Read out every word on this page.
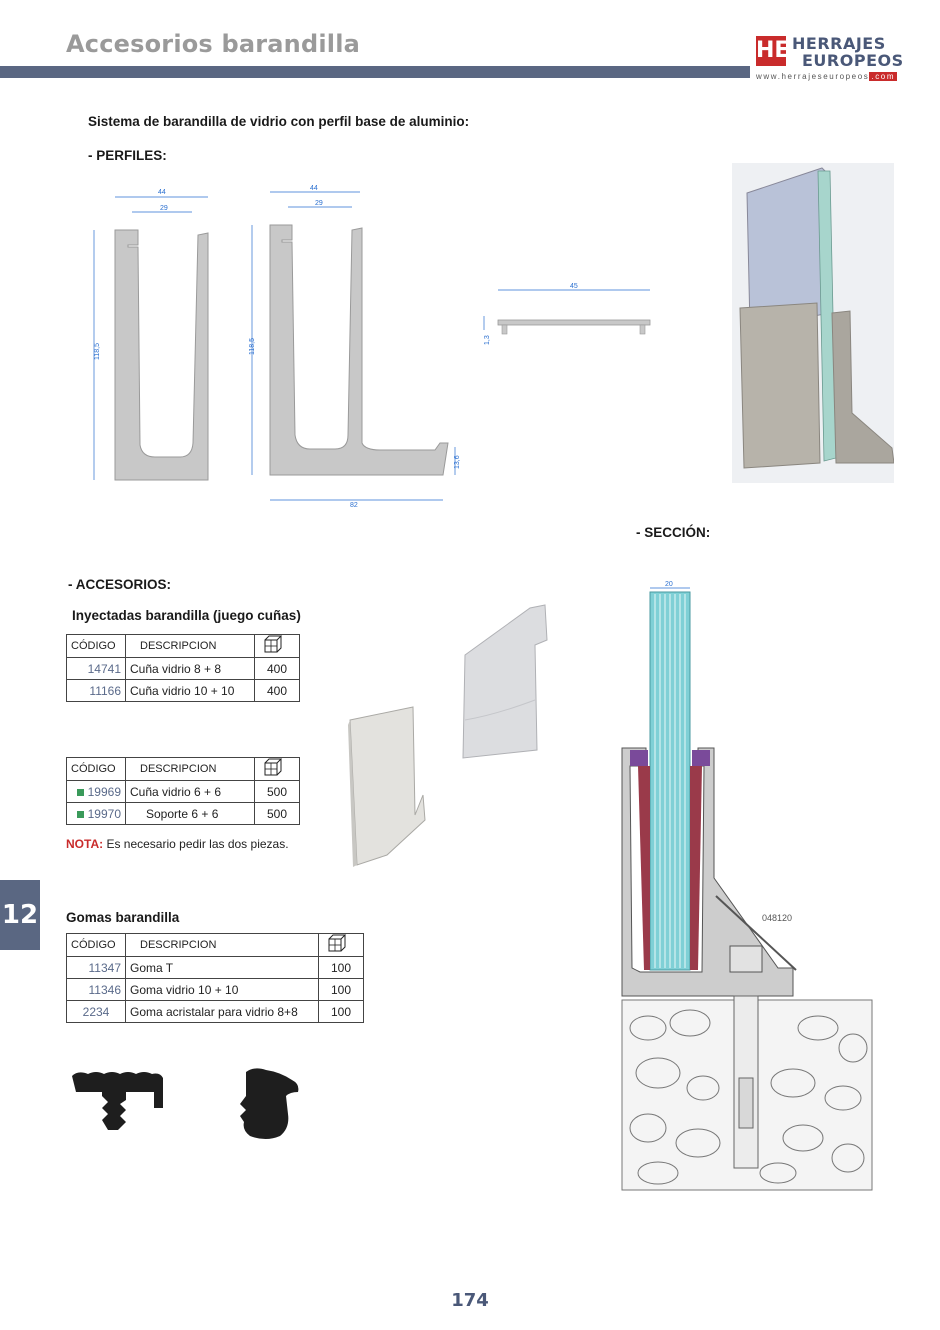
Accesorios barandilla	HE HERRAJES
EUROPEOS
www.herrajeseuropeos .com
Sistema de barandilla de vidrio con perfil base de aluminio:
- PERFILES:
44
29
118,5
44
29
118,5
82
13,6
45
1,3
- SECCIÓN:
- ACCESORIOS:
Inyectadas barandilla (juego cuñas)
CÓDIGO	DESCRIPCION	
14741	Cuña vidrio 8 + 8	400
11166	Cuña vidrio 10 + 10	400
CÓDIGO	DESCRIPCION	
19969	Cuña vidrio 6 + 6	500
19970	Soporte 6 + 6	500
NOTA: Es necesario pedir las dos piezas.
12 Gomas barandilla
CÓDIGO	DESCRIPCION	
11347	Goma T	100
11346	Goma vidrio 10 + 10	100
2234	Goma acristalar para vidrio 8+8	100
20
048120
174
